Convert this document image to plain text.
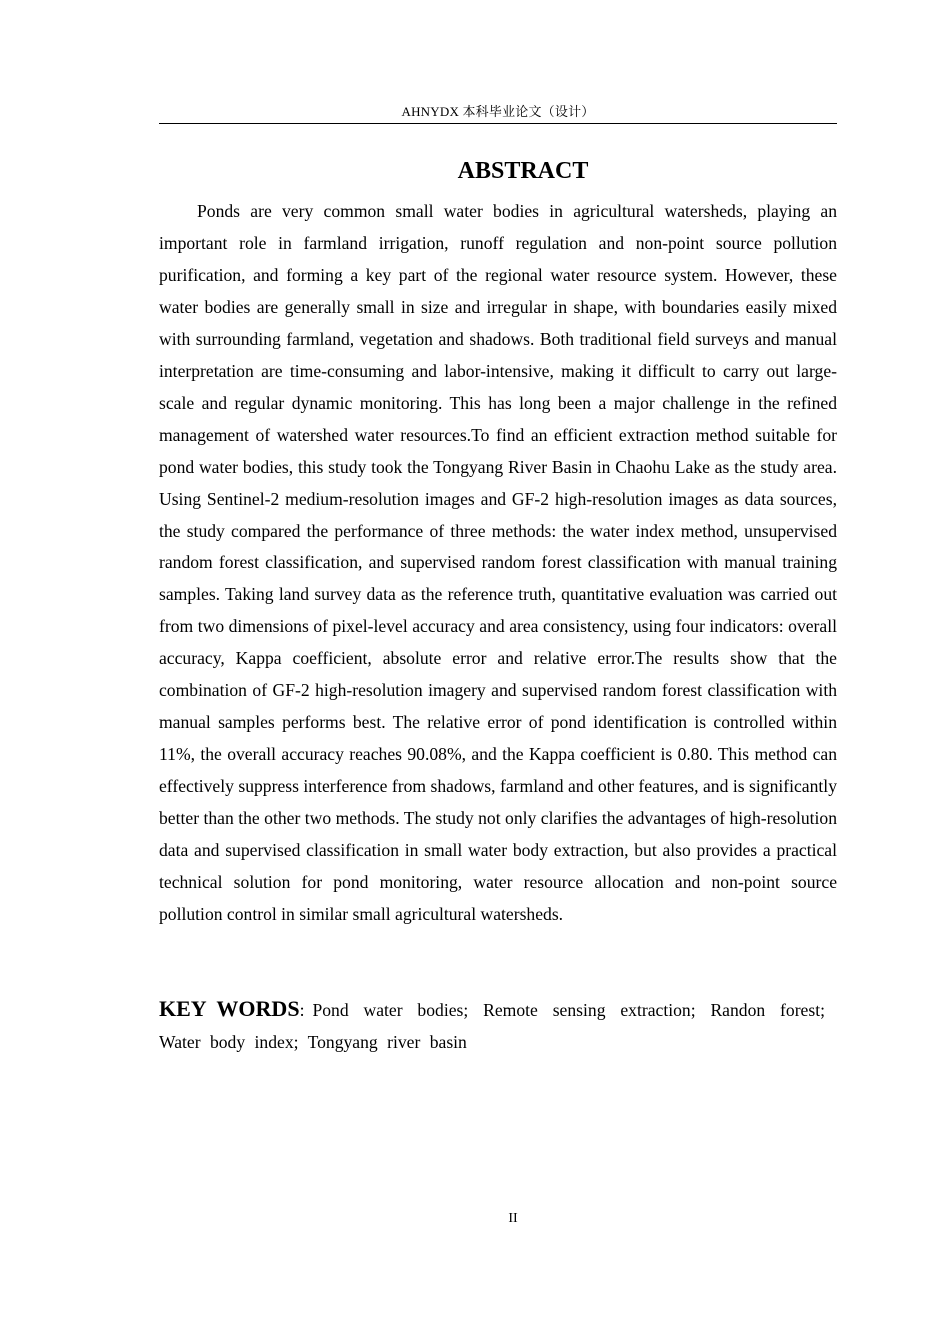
AHNYDX 本科毕业论文（设计）
ABSTRACT

Ponds are very common small water bodies in agricultural watersheds, playing an important role in farmland irrigation, runoff regulation and non-point source pollution purification, and forming a key part of the regional water resource system. However, these water bodies are generally small in size and irregular in shape, with boundaries easily mixed with surrounding farmland, vegetation and shadows. Both traditional field surveys and manual interpretation are time-consuming and labor-intensive, making it difficult to carry out large-scale and regular dynamic monitoring. This has long been a major challenge in the refined management of watershed water resources.To find an efficient extraction method suitable for pond water bodies, this study took the Tongyang River Basin in Chaohu Lake as the study area. Using Sentinel-2 medium-resolution images and GF-2 high-resolution images as data sources, the study compared the performance of three methods: the water index method, unsupervised random forest classification, and supervised random forest classification with manual training samples. Taking land survey data as the reference truth, quantitative evaluation was carried out from two dimensions of pixel-level accuracy and area consistency, using four indicators: overall accuracy, Kappa coefficient, absolute error and relative error.The results show that the combination of GF-2 high-resolution imagery and supervised random forest classification with manual samples performs best. The relative error of pond identification is controlled within 11%, the overall accuracy reaches 90.08%, and the Kappa coefficient is 0.80. This method can effectively suppress interference from shadows, farmland and other features, and is significantly better than the other two methods. The study not only clarifies the advantages of high-resolution data and supervised classification in small water body extraction, but also provides a practical technical solution for pond monitoring, water resource allocation and non-point source pollution control in similar small agricultural watersheds.

KEY WORDS: Pond water bodies; Remote sensing extraction; Randon forest; Water body index; Tongyang river basin

II
